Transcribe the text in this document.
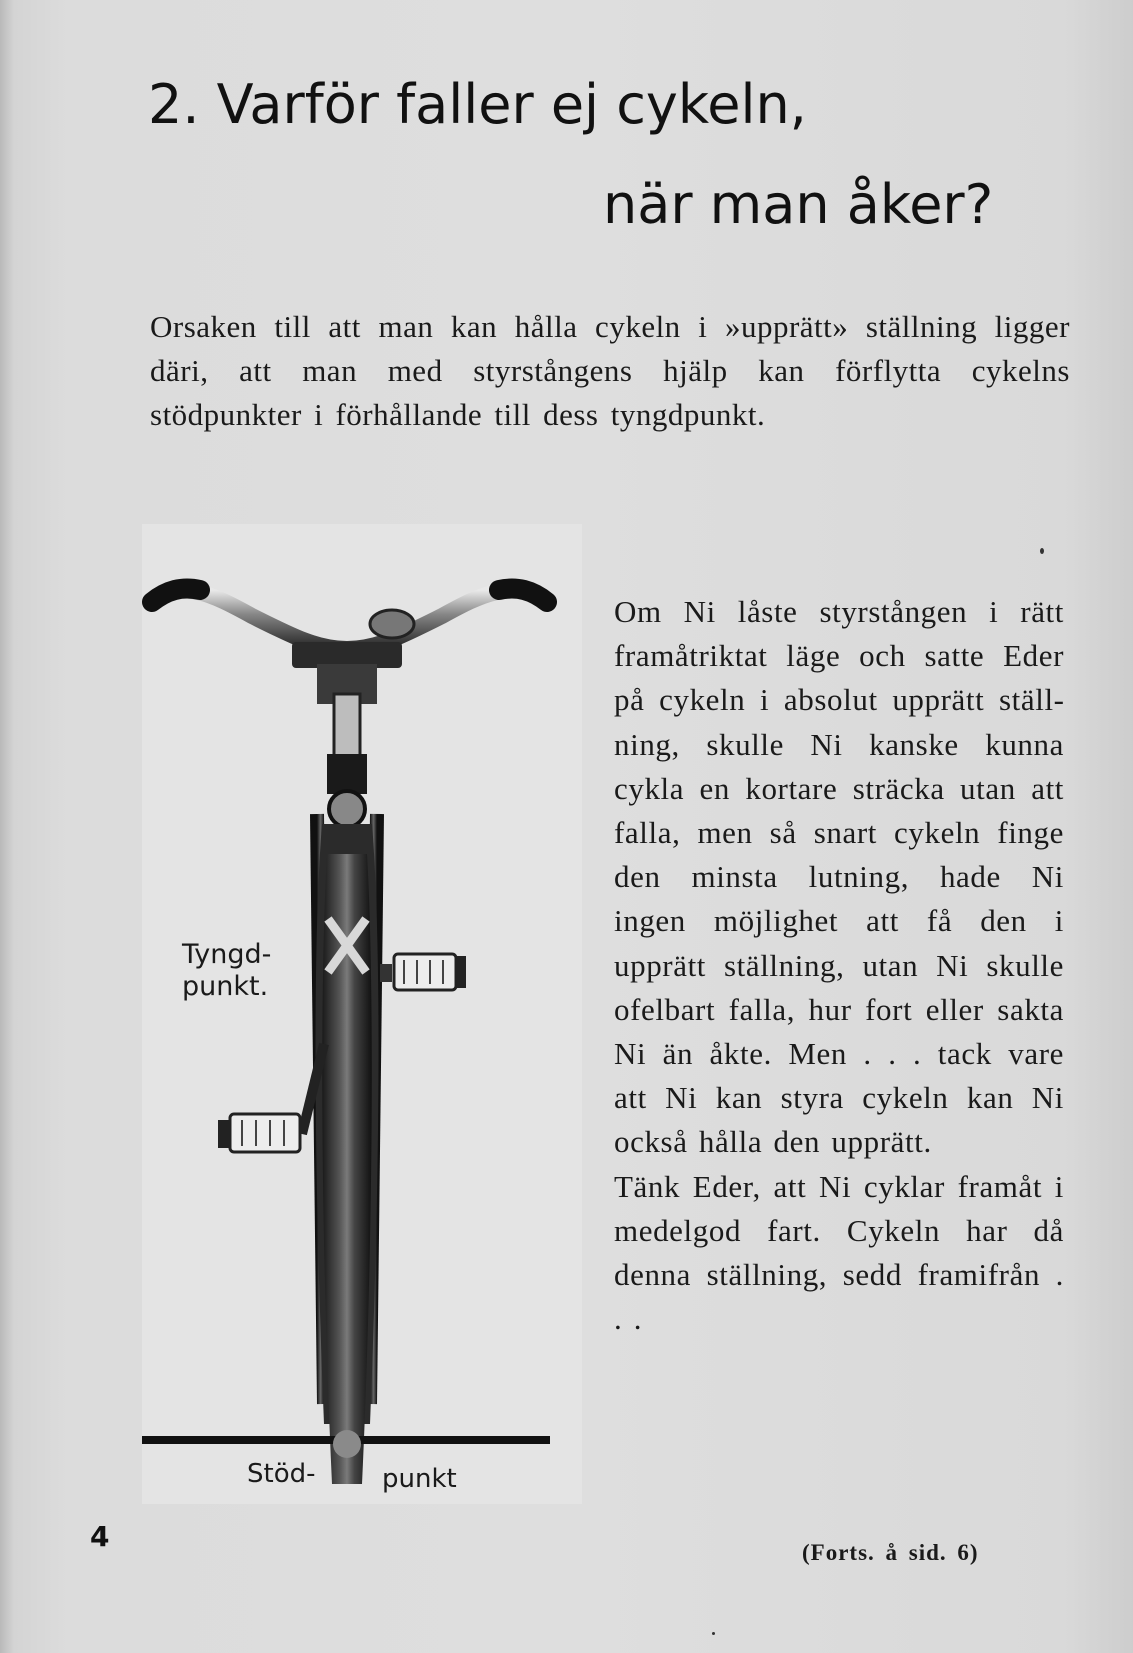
2. Varför faller ej cykeln,
när man åker?
Orsaken till att man kan hålla cykeln i »upprätt» ställning ligger däri, att man med styrstångens hjälp kan förflytta cykelns stödpunkter i förhållande till dess tyngdpunkt.
Tyngd-
punkt.
Stöd-	punkt

Om Ni låste styrstången i rätt framåtriktat läge och satte Eder på cykeln i absolut upprätt ställning, skulle Ni kanske kunna cykla en kortare sträcka utan att falla, men så snart cykeln finge den minsta lutning, hade Ni ingen möjlighet att få den i upprätt ställning, utan Ni skulle ofelbart falla, hur fort eller sakta Ni än åkte. Men . . . tack vare att Ni kan styra cykeln kan Ni också hålla den upprätt.

Tänk Eder, att Ni cyklar framåt i medelgod fart. Cykeln har då denna ställning, sedd framifrån . . .

4	(Forts. å sid. 6)
